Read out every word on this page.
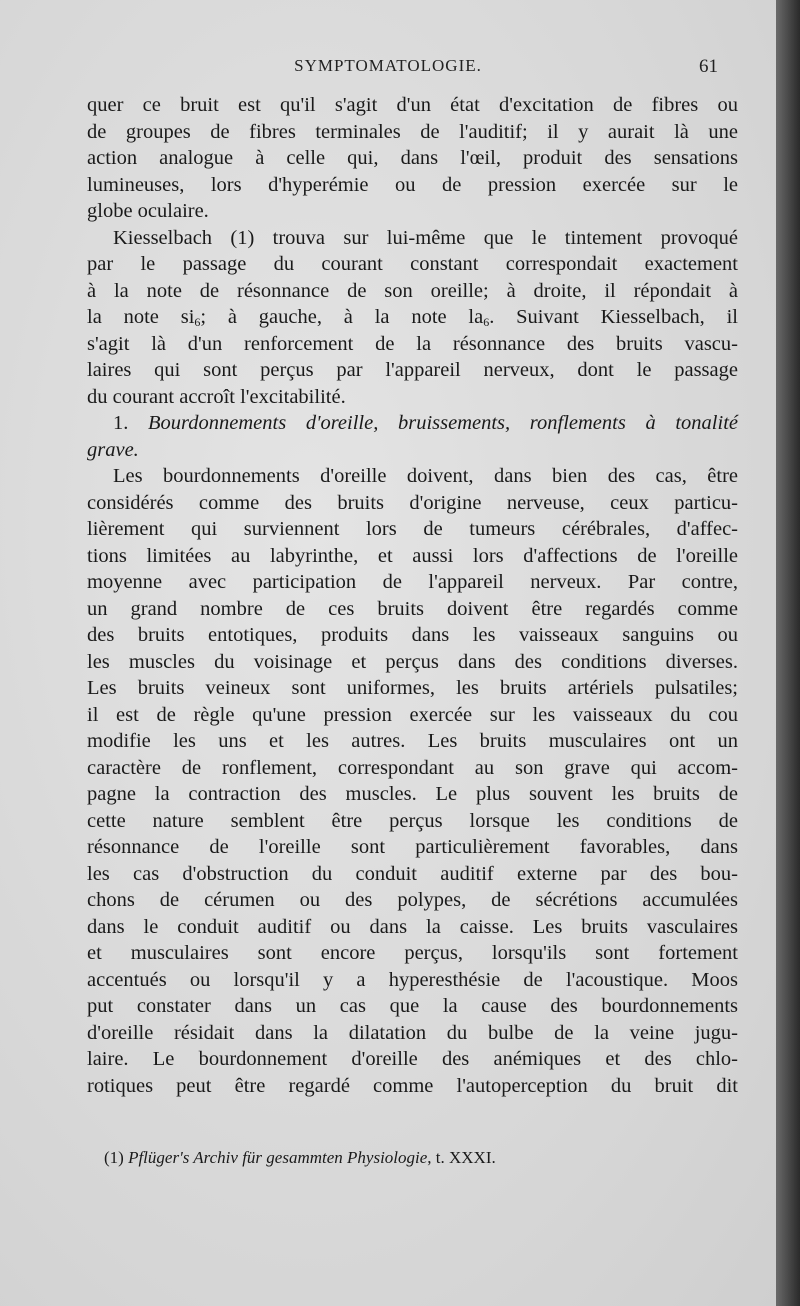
SYMPTOMATOLOGIE.	61
quer ce bruit est qu'il s'agit d'un état d'excitation de fibres ou
de groupes de fibres terminales de l'auditif; il y aurait là une
action analogue à celle qui, dans l'œil, produit des sensations
lumineuses, lors d'hyperémie ou de pression exercée sur le
globe oculaire.
Kiesselbach (1) trouva sur lui-même que le tintement provoqué
par le passage du courant constant correspondait exactement
à la note de résonnance de son oreille; à droite, il répondait à
la note $si_6$; à gauche, à la note $la_6$. Suivant Kiesselbach, il
s'agit là d'un renforcement de la résonnance des bruits vascu-
laires qui sont perçus par l'appareil nerveux, dont le passage
du courant accroît l'excitabilité.
1. Bourdonnements d'oreille, bruissements, ronflements à tonalité
grave.
Les bourdonnements d'oreille doivent, dans bien des cas, être
considérés comme des bruits d'origine nerveuse, ceux particu-
lièrement qui surviennent lors de tumeurs cérébrales, d'affec-
tions limitées au labyrinthe, et aussi lors d'affections de l'oreille
moyenne avec participation de l'appareil nerveux. Par contre,
un grand nombre de ces bruits doivent être regardés comme
des bruits entotiques, produits dans les vaisseaux sanguins ou
les muscles du voisinage et perçus dans des conditions diverses.
Les bruits veineux sont uniformes, les bruits artériels pulsatiles;
il est de règle qu'une pression exercée sur les vaisseaux du cou
modifie les uns et les autres. Les bruits musculaires ont un
caractère de ronflement, correspondant au son grave qui accom-
pagne la contraction des muscles. Le plus souvent les bruits de
cette nature semblent être perçus lorsque les conditions de
résonnance de l'oreille sont particulièrement favorables, dans
les cas d'obstruction du conduit auditif externe par des bou-
chons de cérumen ou des polypes, de sécrétions accumulées
dans le conduit auditif ou dans la caisse. Les bruits vasculaires
et musculaires sont encore perçus, lorsqu'ils sont fortement
accentués ou lorsqu'il y a hyperesthésie de l'acoustique. Moos
put constater dans un cas que la cause des bourdonnements
d'oreille résidait dans la dilatation du bulbe de la veine jugu-
laire. Le bourdonnement d'oreille des anémiques et des chlo-
rotiques peut être regardé comme l'autoperception du bruit dit
(1) Pflüger's Archiv für gesammten Physiologie, t. XXXI.
